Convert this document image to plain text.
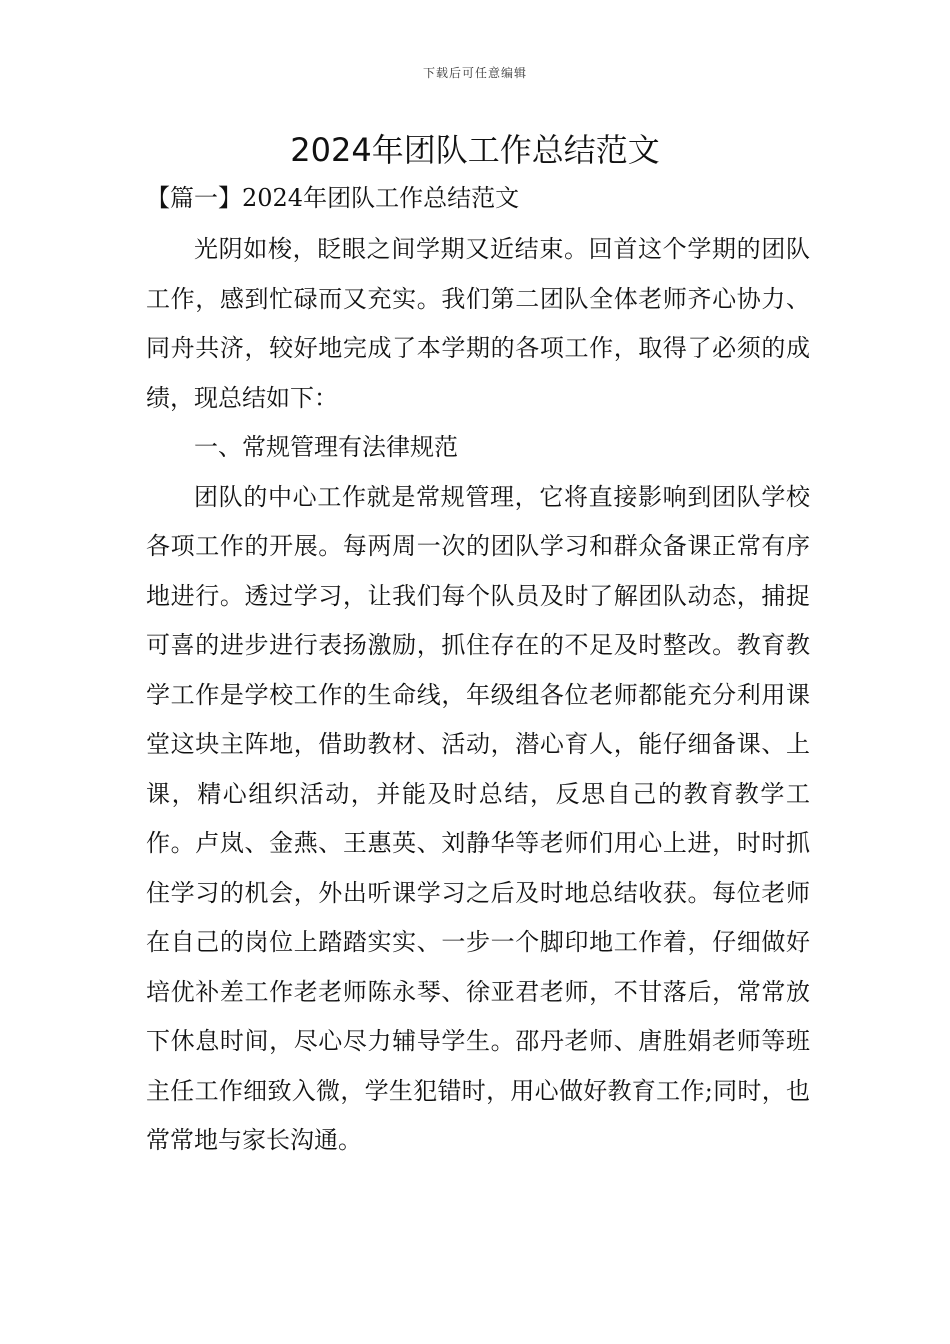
下载后可任意编辑
2024年团队工作总结范文
【篇一】2024年团队工作总结范文

光阴如梭，眨眼之间学期又近结束。回首这个学期的团队工作，感到忙碌而又充实。我们第二团队全体老师齐心协力、同舟共济，较好地完成了本学期的各项工作，取得了必须的成绩，现总结如下：

一、常规管理有法律规范

团队的中心工作就是常规管理，它将直接影响到团队学校各项工作的开展。每两周一次的团队学习和群众备课正常有序地进行。透过学习，让我们每个队员及时了解团队动态，捕捉可喜的进步进行表扬激励，抓住存在的不足及时整改。教育教学工作是学校工作的生命线，年级组各位老师都能充分利用课堂这块主阵地，借助教材、活动，潜心育人，能仔细备课、上课，精心组织活动，并能及时总结，反思自己的教育教学工作。卢岚、金燕、王惠英、刘静华等老师们用心上进，时时抓住学习的机会，外出听课学习之后及时地总结收获。每位老师在自己的岗位上踏踏实实、一步一个脚印地工作着，仔细做好培优补差工作老老师陈永琴、徐亚君老师，不甘落后，常常放下休息时间，尽心尽力辅导学生。邵丹老师、唐胜娟老师等班主任工作细致入微，学生犯错时，用心做好教育工作;同时，也常常地与家长沟通。
